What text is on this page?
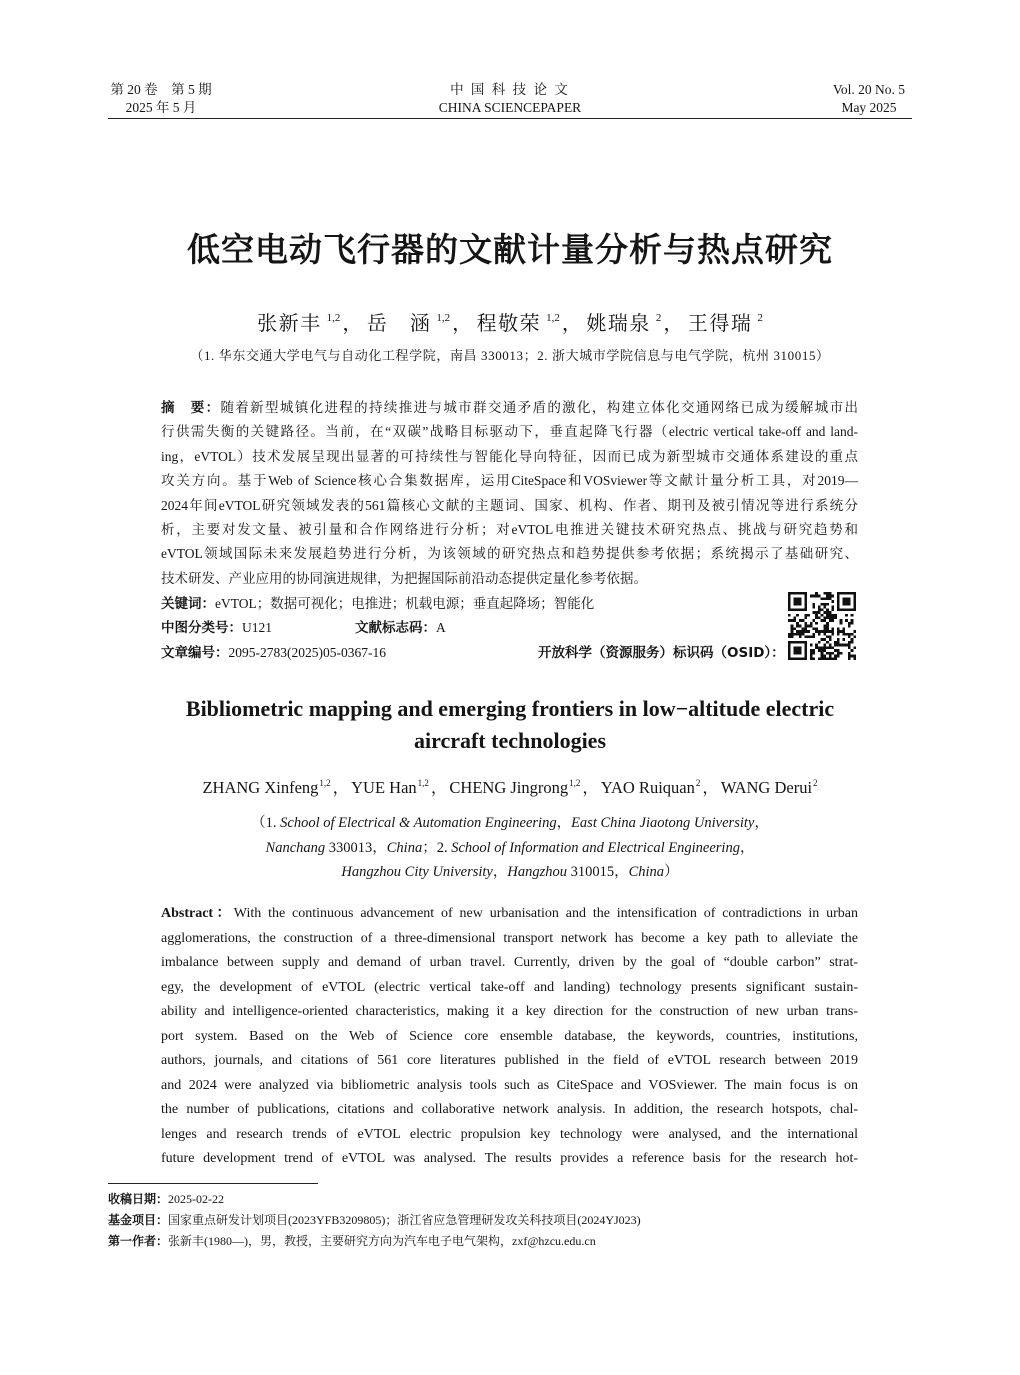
第 20 卷　第 5 期
2025 年 5 月
中 国 科 技 论 文
CHINA SCIENCEPAPER
Vol. 20 No. 5
May 2025
低空电动飞行器的文献计量分析与热点研究
张新丰 $^{1,2}$ ， 岳　涵 $^{1,2}$ ， 程敬荣 $^{1,2}$ ， 姚瑞泉 $^2$ ， 王得瑞 $^2$
（1. 华东交通大学电气与自动化工程学院，南昌 330013；2. 浙大城市学院信息与电气学院，杭州 310015）
摘　要：随着新型城镇化进程的持续推进与城市群交通矛盾的激化，构建立体化交通网络已成为缓解城市出
行供需失衡的关键路径。当前，在“双碳”战略目标驱动下，垂直起降飞行器（electric vertical take-off and land-
ing，eVTOL）技术发展呈现出显著的可持续性与智能化导向特征，因而已成为新型城市交通体系建设的重点
攻关方向。基于Web of Science核心合集数据库，运用CiteSpace和VOSviewer等文献计量分析工具，对2019—
2024年间eVTOL研究领域发表的561篇核心文献的主题词、国家、机构、作者、期刊及被引情况等进行系统分
析，主要对发文量、被引量和合作网络进行分析；对eVTOL电推进关键技术研究热点、挑战与研究趋势和
eVTOL领域国际未来发展趋势进行分析，为该领域的研究热点和趋势提供参考依据；系统揭示了基础研究、
技术研发、产业应用的协同演进规律，为把握国际前沿动态提供定量化参考依据。
关键词：eVTOL；数据可视化；电推进；机载电源；垂直起降场；智能化
中图分类号：U121	文献标志码：A
文章编号：2095-2783(2025)05-0367-16	开放科学（资源服务）标识码（OSID）：
Bibliometric mapping and emerging frontiers in low−altitude electric
aircraft technologies
ZHANG Xinfeng$^{1,2}$ ， YUE Han$^{1,2}$ ， CHENG Jingrong$^{1,2}$ ， YAO Ruiquan$^2$ ， WANG Derui$^2$
（1. School of Electrical & Automation Engineering，East China Jiaotong University，
Nanchang 330013，China；2. School of Information and Electrical Engineering，
Hangzhou City University，Hangzhou 310015，China）
Abstract：With the continuous advancement of new urbanisation and the intensification of contradictions in urban
agglomerations, the construction of a three-dimensional transport network has become a key path to alleviate the
imbalance between supply and demand of urban travel. Currently, driven by the goal of “double carbon” strat-
egy, the development of eVTOL (electric vertical take-off and landing) technology presents significant sustain-
ability and intelligence-oriented characteristics, making it a key direction for the construction of new urban trans-
port system. Based on the Web of Science core ensemble database, the keywords, countries, institutions,
authors, journals, and citations of 561 core literatures published in the field of eVTOL research between 2019
and 2024 were analyzed via bibliometric analysis tools such as CiteSpace and VOSviewer. The main focus is on
the number of publications, citations and collaborative network analysis. In addition, the research hotspots, chal-
lenges and research trends of eVTOL electric propulsion key technology were analysed, and the international
future development trend of eVTOL was analysed. The results provides a reference basis for the research hot-
收稿日期：2025-02-22
基金项目：国家重点研发计划项目(2023YFB3209805)；浙江省应急管理研发攻关科技项目(2024YJ023)
第一作者：张新丰(1980—)，男，教授，主要研究方向为汽车电子电气架构，zxf@hzcu.edu.cn
